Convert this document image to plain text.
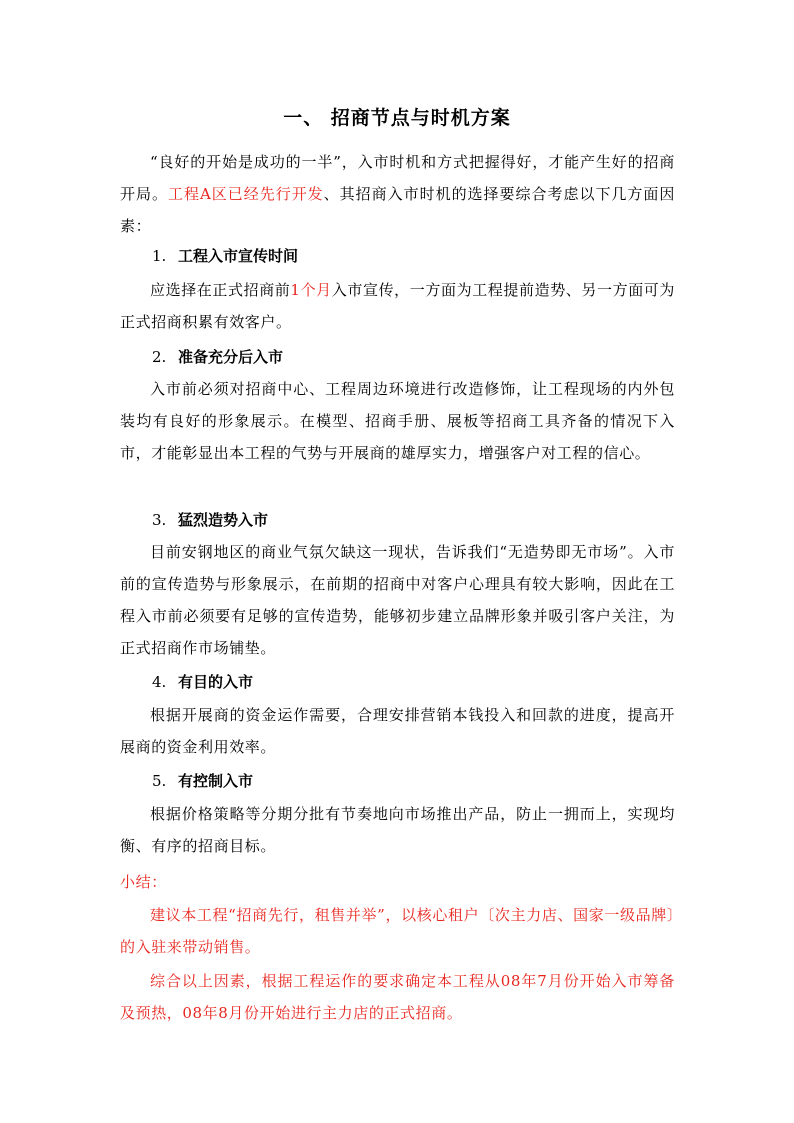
一、 招商节点与时机方案
“良好的开始是成功的一半”，入市时机和方式把握得好，才能产生好的招商开局。工程A区已经先行开发、其招商入市时机的选择要综合考虑以下几方面因素：
1. 工程入市宣传时间
应选择在正式招商前1个月入市宣传，一方面为工程提前造势、另一方面可为正式招商积累有效客户。
2. 准备充分后入市
入市前必须对招商中心、工程周边环境进行改造修饰，让工程现场的内外包装均有良好的形象展示。在模型、招商手册、展板等招商工具齐备的情况下入市，才能彰显出本工程的气势与开展商的雄厚实力，增强客户对工程的信心。
3. 猛烈造势入市
目前安钢地区的商业气氛欠缺这一现状，告诉我们“无造势即无市场”。入市前的宣传造势与形象展示，在前期的招商中对客户心理具有较大影响，因此在工程入市前必须要有足够的宣传造势，能够初步建立品牌形象并吸引客户关注，为正式招商作市场铺垫。
4. 有目的入市
根据开展商的资金运作需要，合理安排营销本钱投入和回款的进度，提高开展商的资金利用效率。
5. 有控制入市
根据价格策略等分期分批有节奏地向市场推出产品，防止一拥而上，实现均衡、有序的招商目标。
小结：
建议本工程“招商先行，租售并举”，以核心租户〔次主力店、国家一级品牌〕的入驻来带动销售。
综合以上因素，根据工程运作的要求确定本工程从08年7月份开始入市筹备及预热，08年8月份开始进行主力店的正式招商。
